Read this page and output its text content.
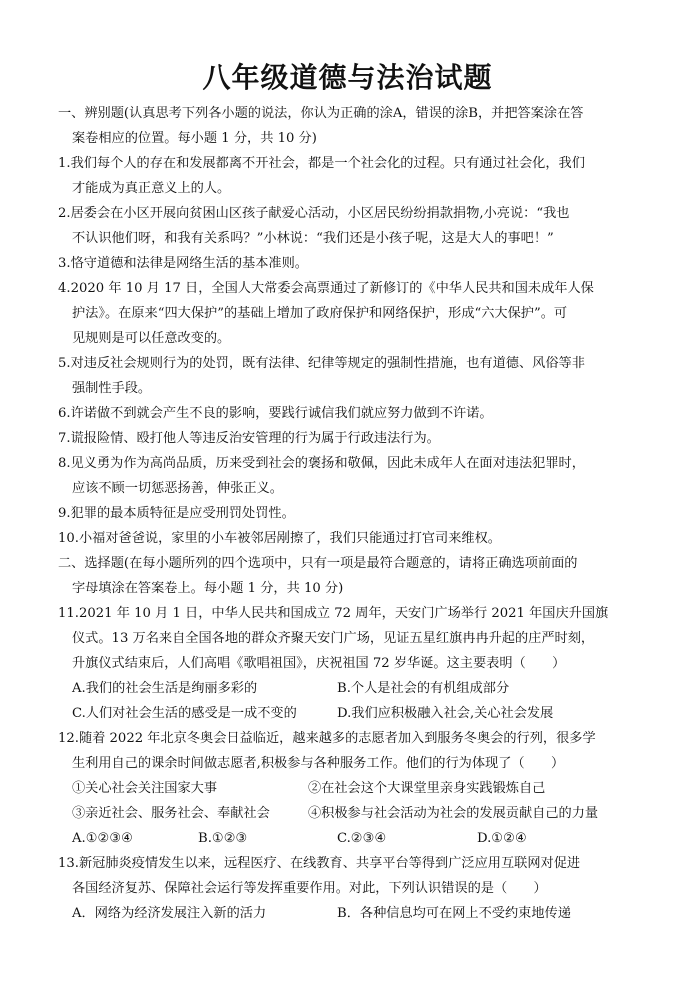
八年级道德与法治试题
一、辨别题(认真思考下列各小题的说法，你认为正确的涂A，错误的涂B，并把答案涂在答
案卷相应的位置。每小题 1 分，共 10 分)
1.我们每个人的存在和发展都离不开社会，都是一个社会化的过程。只有通过社会化，我们
才能成为真正意义上的人。
2.居委会在小区开展向贫困山区孩子献爱心活动，小区居民纷纷捐款捐物,小亮说：“我也
不认识他们呀，和我有关系吗？”小林说：“我们还是小孩子呢，这是大人的事吧！”
3.恪守道德和法律是网络生活的基本准则。
4.2020 年 10 月 17 日，全国人大常委会高票通过了新修订的《中华人民共和国未成年人保
护法》。在原来“四大保护”的基础上增加了政府保护和网络保护，形成“六大保护”。可
见规则是可以任意改变的。
5.对违反社会规则行为的处罚，既有法律、纪律等规定的强制性措施，也有道德、风俗等非
强制性手段。
6.许诺做不到就会产生不良的影响，要践行诚信我们就应努力做到不许诺。
7.谎报险情、殴打他人等违反治安管理的行为属于行政违法行为。
8.见义勇为作为高尚品质，历来受到社会的褒扬和敬佩，因此未成年人在面对违法犯罪时，
应该不顾一切惩恶扬善，伸张正义。
9.犯罪的最本质特征是应受刑罚处罚性。
10.小福对爸爸说，家里的小车被邻居剐擦了，我们只能通过打官司来维权。
二、选择题(在每小题所列的四个选项中，只有一项是最符合题意的，请将正确选项前面的
字母填涂在答案卷上。每小题 1 分，共 10 分)
11.2021 年 10 月 1 日，中华人民共和国成立 72 周年，天安门广场举行 2021 年国庆升国旗
仪式。13 万名来自全国各地的群众齐聚天安门广场，见证五星红旗冉冉升起的庄严时刻，
升旗仪式结束后，人们高唱《歌唱祖国》，庆祝祖国 72 岁华诞。这主要表明（　　）
A.我们的社会生活是绚丽多彩的	B.个人是社会的有机组成部分
C.人们对社会生活的感受是一成不变的	D.我们应积极融入社会,关心社会发展
12.随着 2022 年北京冬奥会日益临近，越来越多的志愿者加入到服务冬奥会的行列，很多学
生利用自己的课余时间做志愿者,积极参与各种服务工作。他们的行为体现了（　　）
①关心社会关注国家大事	②在社会这个大课堂里亲身实践锻炼自己
③亲近社会、服务社会、奉献社会	④积极参与社会活动为社会的发展贡献自己的力量
A.①②③④	B.①②③	C.②③④	D.①②④
13.新冠肺炎疫情发生以来，远程医疗、在线教育、共享平台等得到广泛应用互联网对促进
各国经济复苏、保障社会运行等发挥重要作用。对此，下列认识错误的是（　　）
A．网络为经济发展注入新的活力	B．各种信息均可在网上不受约束地传递
